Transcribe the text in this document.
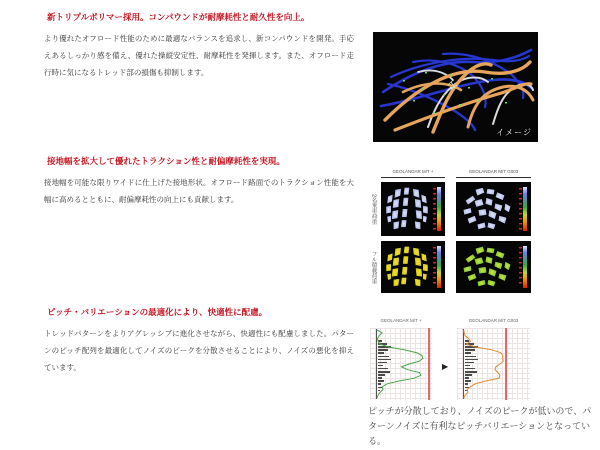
新トリプルポリマー採用。コンパウンドが耐摩耗性と耐久性を向上。

より優れたオフロード性能のために最適なバランスを追求し、新コンパウンドを開発。手応えあるしっかり感を備え、優れた操縦安定性、耐摩耗性を発揮します。また、オフロード走行時に気になるトレッド部の損傷も抑制します。

イメージ
接地幅を拡大して優れたトラクション性と耐偏摩耗性を実現。

接地幅を可能な限りワイドに仕上げた接地形状。オフロード路面でのトラクション性能を大幅に高めるとともに、耐偏摩耗性の向上にも貢献します。

GEOLANDAR M/T +	GEOLANDAR M/T G003
2名乗車荷重
フル積載荷重
ピッチ・バリエーションの最適化により、快適性に配慮。

トレッドパターンをよりアグレッシブに進化させながら、快適性にも配慮しました。パターンのピッチ配列を最適化してノイズのピークを分散させることにより、ノイズの悪化を抑えています。

GEOLANDAR M/T +	GEOLANDAR M/T G003
▶
ピッチが分散しており、ノイズのピークが低いので、パターンノイズに有利なピッチバリエーションとなっている。
